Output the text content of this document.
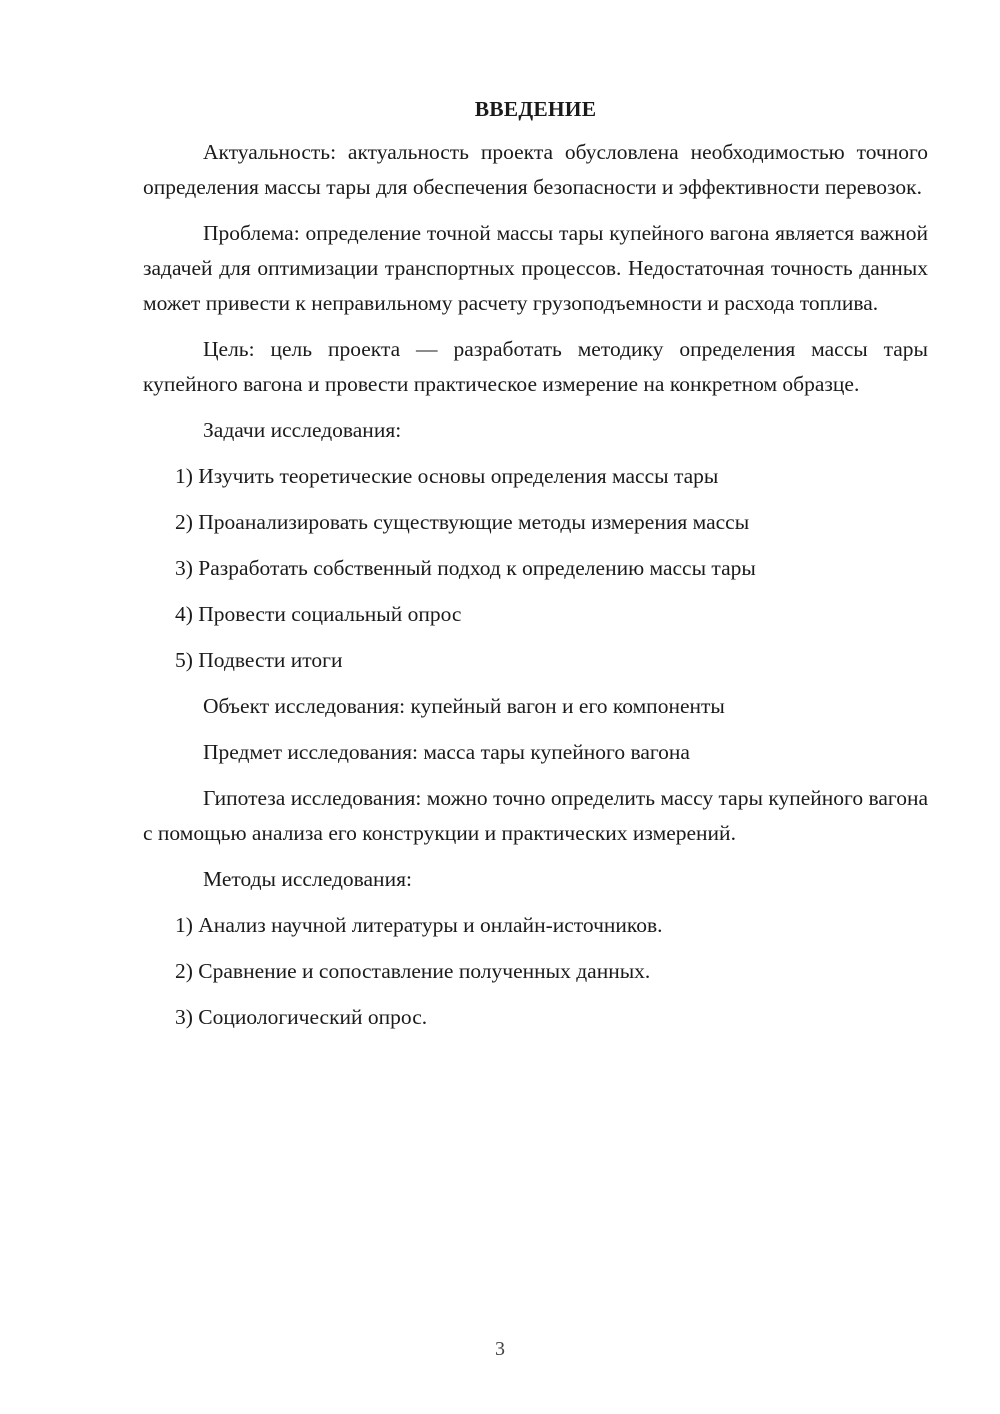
ВВЕДЕНИЕ

Актуальность: актуальность проекта обусловлена необходимостью точного определения массы тары для обеспечения безопасности и эффективности перевозок.

Проблема: определение точной массы тары купейного вагона является важной задачей для оптимизации транспортных процессов. Недостаточная точность данных может привести к неправильному расчету грузоподъемности и расхода топлива.

Цель: цель проекта — разработать методику определения массы тары купейного вагона и провести практическое измерение на конкретном образце.

Задачи исследования:

1) Изучить теоретические основы определения массы тары

2) Проанализировать существующие методы измерения массы

3) Разработать собственный подход к определению массы тары

4) Провести социальный опрос

5) Подвести итоги

Объект исследования: купейный вагон и его компоненты

Предмет исследования: масса тары купейного вагона

Гипотеза исследования: можно точно определить массу тары купейного вагона с помощью анализа его конструкции и практических измерений.

Методы исследования:

1) Анализ научной литературы и онлайн-источников.

2) Сравнение и сопоставление полученных данных.

3) Социологический опрос.

3
